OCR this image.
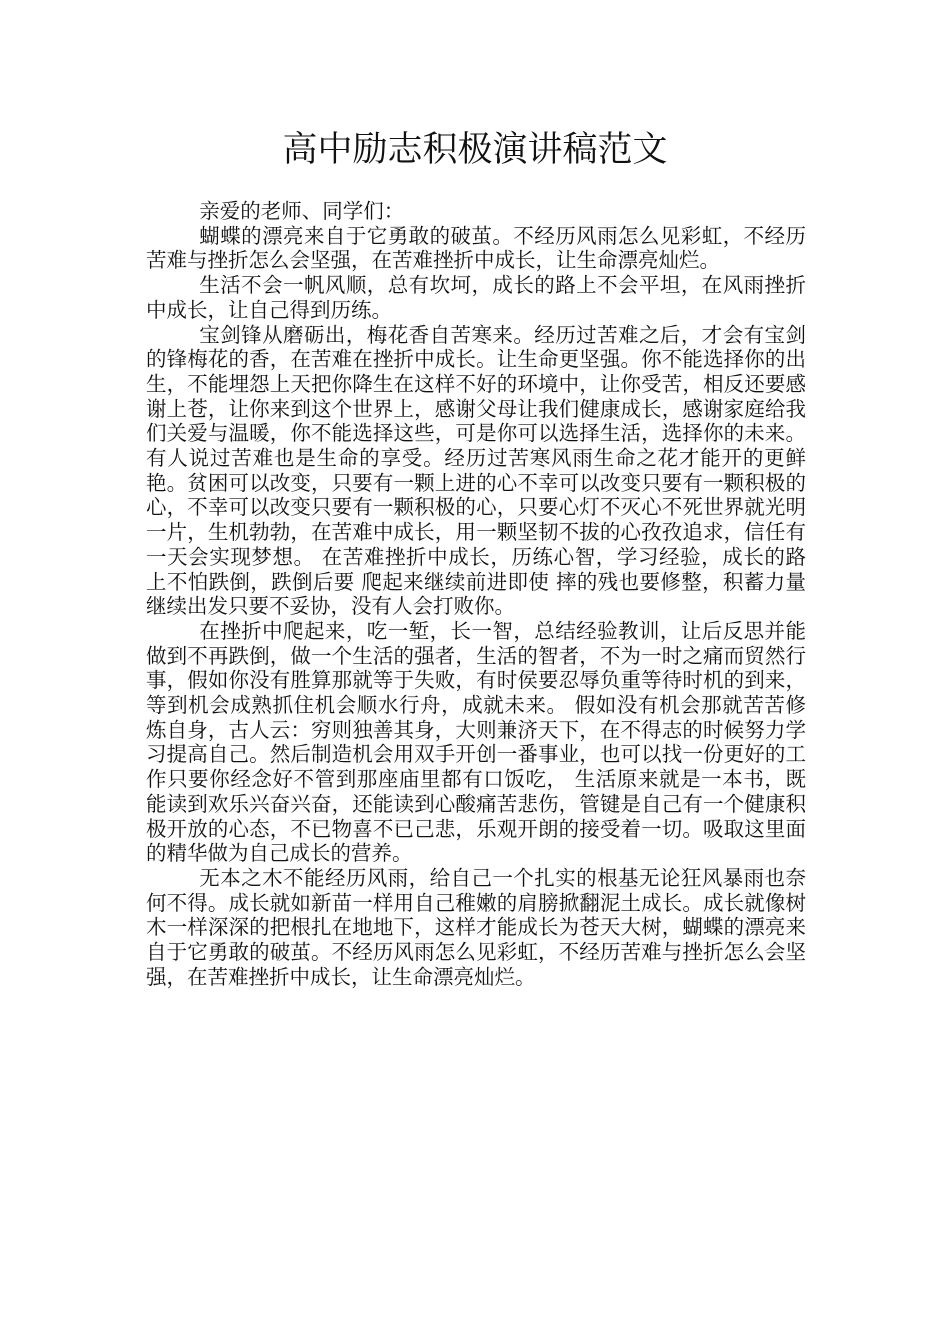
高中励志积极演讲稿范文

亲爱的老师、同学们：

蝴蝶的漂亮来自于它勇敢的破茧。不经历风雨怎么见彩虹，不经历苦难与挫折怎么会坚强，在苦难挫折中成长，让生命漂亮灿烂。

生活不会一帆风顺，总有坎坷，成长的路上不会平坦，在风雨挫折中成长，让自己得到历练。

宝剑锋从磨砺出，梅花香自苦寒来。经历过苦难之后，才会有宝剑的锋梅花的香，在苦难在挫折中成长。让生命更坚强。你不能选择你的出生，不能埋怨上天把你降生在这样不好的环境中，让你受苦，相反还要感谢上苍，让你来到这个世界上，感谢父母让我们健康成长，感谢家庭给我们关爱与温暖，你不能选择这些，可是你可以选择生活，选择你的未来。有人说过苦难也是生命的享受。经历过苦寒风雨生命之花才能开的更鲜艳。贫困可以改变，只要有一颗上进的心不幸可以改变只要有一颗积极的心，不幸可以改变只要有一颗积极的心，只要心灯不灭心不死世界就光明一片，生机勃勃，在苦难中成长，用一颗坚韧不拔的心孜孜追求，信任有一天会实现梦想。 在苦难挫折中成长，历练心智，学习经验，成长的路上不怕跌倒，跌倒后要 爬起来继续前进即使 摔的残也要修整，积蓄力量继续出发只要不妥协，没有人会打败你。

在挫折中爬起来，吃一堑，长一智，总结经验教训，让后反思并能做到不再跌倒，做一个生活的强者，生活的智者，不为一时之痛而贸然行事，假如你没有胜算那就等于失败，有时侯要忍辱负重等待时机的到来，等到机会成熟抓住机会顺水行舟，成就未来。 假如没有机会那就苦苦修炼自身，古人云：穷则独善其身，大则兼济天下，在不得志的时候努力学习提高自己。然后制造机会用双手开创一番事业，也可以找一份更好的工作只要你经念好不管到那座庙里都有口饭吃， 生活原来就是一本书，既能读到欢乐兴奋兴奋，还能读到心酸痛苦悲伤，管键是自己有一个健康积极开放的心态，不已物喜不已己悲，乐观开朗的接受着一切。吸取这里面的精华做为自己成长的营养。

无本之木不能经历风雨，给自己一个扎实的根基无论狂风暴雨也奈何不得。成长就如新苗一样用自己稚嫩的肩膀掀翻泥土成长。成长就像树木一样深深的把根扎在地地下，这样才能成长为苍天大树，蝴蝶的漂亮来自于它勇敢的破茧。不经历风雨怎么见彩虹，不经历苦难与挫折怎么会坚强，在苦难挫折中成长，让生命漂亮灿烂。
